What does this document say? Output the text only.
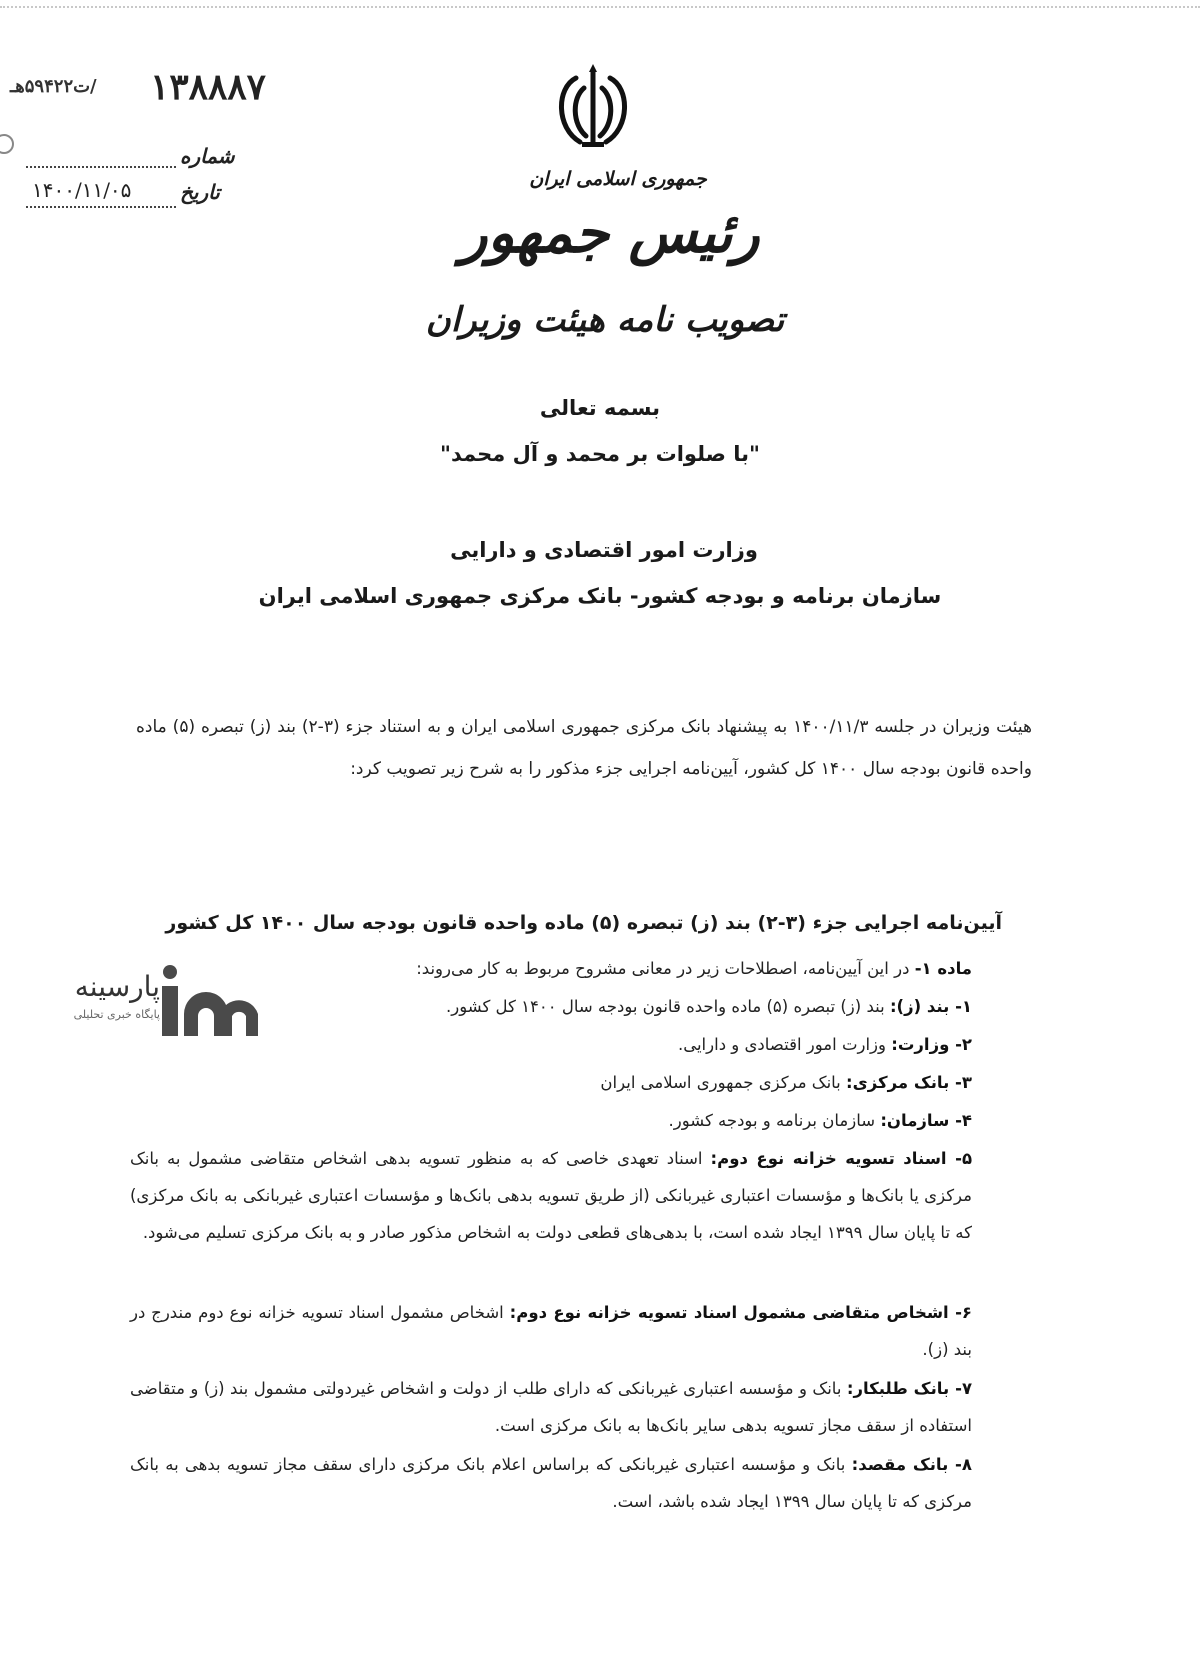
۱۳۸۸۸۷
/ت۵۹۴۲۲هـ
شماره
تاریخ
۱۴۰۰/۱۱/۰۵	جمهوری اسلامی ایران
رئیس جمهور
تصویب نامه هیئت وزیران
بسمه تعالی
"با صلوات بر محمد و آل محمد"
وزارت امور اقتصادی و دارایی
سازمان برنامه و بودجه کشور- بانک مرکزی جمهوری اسلامی ایران
هیئت وزیران در جلسه ۱۴۰۰/۱۱/۳ به پیشنهاد بانک مرکزی جمهوری اسلامی ایران و به استناد جزء (۳-۲) بند (ز) تبصره (۵) ماده واحده قانون بودجه سال ۱۴۰۰ کل کشور، آیین‌نامه اجرایی جزء مذکور را به شرح زیر تصویب کرد:
آیین‌نامه اجرایی جزء (۳-۲) بند (ز) تبصره (۵) ماده واحده قانون بودجه سال ۱۴۰۰ کل کشور
ماده ۱- در این آیین‌نامه، اصطلاحات زیر در معانی مشروح مربوط به کار می‌روند:
۱- بند (ز): بند (ز) تبصره (۵) ماده واحده قانون بودجه سال ۱۴۰۰ کل کشور.
۲- وزارت: وزارت امور اقتصادی و دارایی.
۳- بانک مرکزی: بانک مرکزی جمهوری اسلامی ایران
۴- سازمان: سازمان برنامه و بودجه کشور.
۵- اسناد تسویه خزانه نوع دوم: اسناد تعهدی خاصی که به منظور تسویه بدهی اشخاص متقاضی مشمول به بانک مرکزی یا بانک‌ها و مؤسسات اعتباری غیربانکی (از طریق تسویه بدهی بانک‌ها و مؤسسات اعتباری غیربانکی به بانک مرکزی) که تا پایان سال ۱۳۹۹ ایجاد شده است، با بدهی‌های قطعی دولت به اشخاص مذکور صادر و به بانک مرکزی تسلیم می‌شود.
۶- اشخاص متقاضی مشمول اسناد تسویه خزانه نوع دوم: اشخاص مشمول اسناد تسویه خزانه نوع دوم مندرج در بند (ز).
۷- بانک طلبکار: بانک و مؤسسه اعتباری غیربانکی که دارای طلب از دولت و اشخاص غیردولتی مشمول بند (ز) و متقاضی استفاده از سقف مجاز تسویه بدهی سایر بانک‌ها به بانک مرکزی است.
۸- بانک مقصد: بانک و مؤسسه اعتباری غیربانکی که براساس اعلام بانک مرکزی دارای سقف مجاز تسویه بدهی به بانک مرکزی که تا پایان سال ۱۳۹۹ ایجاد شده باشد، است.
پارسینه
پایگاه خبری تحلیلی
